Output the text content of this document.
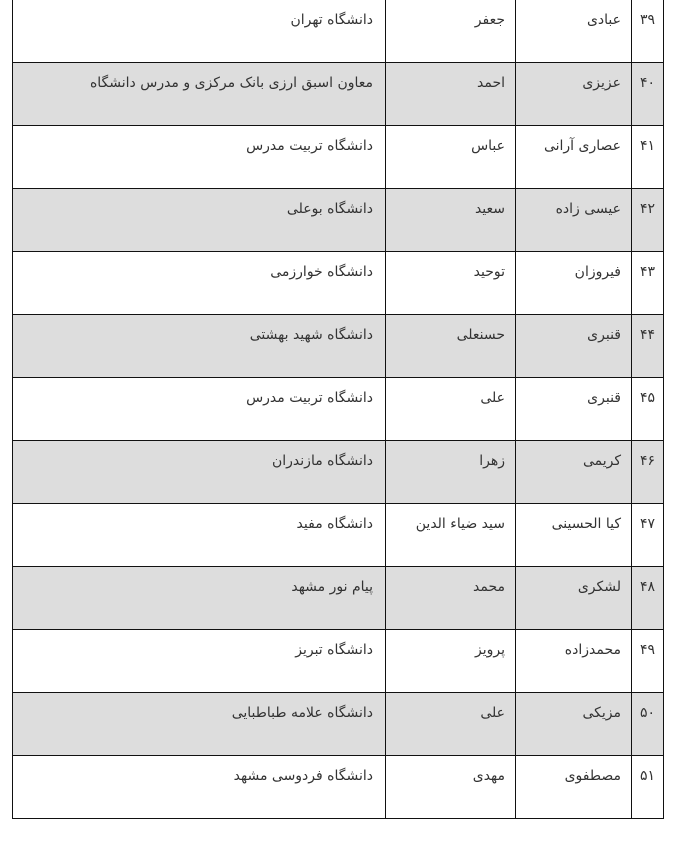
۳۹	عبادی	جعفر	دانشگاه تهران
۴۰	عزیزی	احمد	معاون اسبق ارزی بانک مرکزی و مدرس دانشگاه
۴۱	عصاری آرانی	عباس	دانشگاه تربیت مدرس
۴۲	عیسی زاده	سعید	دانشگاه بوعلی
۴۳	فیروزان	توحید	دانشگاه خوارزمی
۴۴	قنبری	حسنعلی	دانشگاه شهید بهشتی
۴۵	قنبری	علی	دانشگاه تربیت مدرس
۴۶	کریمی	زهرا	دانشگاه مازندران
۴۷	کیا الحسینی	سید ضیاء الدین	دانشگاه مفید
۴۸	لشکری	محمد	پیام نور مشهد
۴۹	محمدزاده	پرویز	دانشگاه تبریز
۵۰	مزیکی	علی	دانشگاه علامه طباطبایی
۵۱	مصطفوی	مهدی	دانشگاه فردوسی مشهد
